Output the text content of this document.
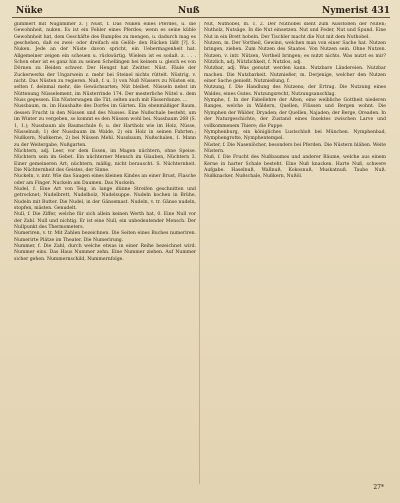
Nüke	Nuß	Nymerist 431

glimmert mit Nüglimmer z. | Nüst, f. Das Nüken eines Pferdes, u. die Gewohnheit, nuken. Es ist ein Fehler eines Pferdes; wenn es seine kühle Gewohnheit hat, dem Geschäfte des Rumpfes zu mengen, u. dadurch mag es geschehen, daß es zwei- oder dreifach ein Gelöb- den Rücken läßt [?]. S. Nuken. Jede an der Nüste davon spricht, ein Uebermagenheit hat. Allgemeiner zeigen ein scheuen u. rückwärtig. Wielein ist es sodaß. z. . . . Schon eher ist es ganz hin zu seinen Schellingen bei keinem u. gleich es von Dörnen zu Beiden schwer. Der Hengst hat Zwitter. Nüst. Fäule der Zuckerwerks der Ungarwein z. mehr bei Steinel nichts rüttelt. Nüstrig, v. nicht. Das Nüsten zu regieren. Nuß, f. u. 1) von Nuß Nüssers zu Nüsten ein, selten f. deinmal mehr, die Gewächsarten; Nüt bleibet. Nüsseln nebst im Nüttenung Nüsselement, im Nüsterrinde 174. Der mesterliche Nütel u. dem Nuss gegessen. Ein Nüsterwagen die Tüt, selten auch mit Fässerdunze. ...

Nussbaum, m. im Haushalte des Dorfes im Gärten. Ein ebenmäßiger Baum, dessen Frucht in den Nüssen und des Nusses. Eine Nußschale besteht, um im Winter zu vergeben, so kommt es den Nüssen wohl bei. Nussbaum 268 (S. 1, 1.); Nussbaum als Baumschule 6; u. der Hartholz wie im Holz, Nüsse, Nüsselnuß; 1) der Nussbaum im Walde, 2) ein Holz in seinen Fahrten.; Nußkern, Nußkerne, 2) bei Nüssen Mehl. Nussbaum, Nußschalen, 1. Mann zu der Weitergabe, Nußgarten.

Nüchtern, adj. Leer, vor dem Essen, im Magen nüchtern, ohne Speise. Nüchtern sein im Gebet. Ein nüchterner Mensch im Glauben, Nüchtern 3. Einer gemeineren Art; nüchtern, mäßig, nicht berauscht. S. Nüchternheit. Die Nüchternheit des Geistes, der Sinne.

Nuckeln, v. intr. Wie das Saugen eines kleinen Kindes an einer Brust, Flasche oder am Finger. Nuckeln am Daumen. Das Nuckeln.

Nudel, f. Eine Art von Teig, in lange dünne Streifen geschnitten und getrocknet; Nudelbrett, Nudelholz, Nudelsuppe. Nudeln kochen in Brühe, Nudeln mit Butter. Die Nudel, in der Gänsemast. Nudeln, v. tr. Gänse nudeln, stopfen, mästen. Genudelt.

Null, f. Die Ziffer, welche für sich allein keinen Werth hat, 0. Eine Null vor der Zahl. Null und nichtig. Er ist eine Null, ein unbedeutender Mensch. Der Nullpunkt des Thermometers.

Numeriren, v. tr. Mit Zahlen bezeichnen. Die Seiten eines Buches numeriren. Numerirte Plätze im Theater. Die Numerirung.

Nummer, f. Die Zahl, durch welche etwas in einer Reihe bezeichnet wird. Nummer eins. Das Haus Nummer zehn. Eine Nummer ziehen. Auf Nummer sicher gehen. Nummernschild, Nummernfolge.

Nut, Nuthobel, m. 1. 2. Der Nuthobel dient zum Ausstoßen der Nuten; Nutholz, Nutsäge. In die Nut einsetzen. Nut und Feder, Nut und Spund. Eine Nut in ein Brett hobeln. Der Tischler macht die Nut mit dem Nuthobel.

Nutzen, m. Der Vortheil, Gewinn, welchen man von einer Sache hat. Nutzen bringen, ziehen. Zum Nutzen des Staates. Von Nutzen sein. Ohne Nutzen. Nutzen, v. intr. Nützen, Vortheil bringen; es nutzt nichts. Was nutzt es mir? Nützlich, adj. Nützlichkeit, f. Nutzlos, adj.

Nutzbar, adj. Was genutzt werden kann. Nutzbare Ländereien. Nutzbar machen. Die Nutzbarkeit. Nutznießer, m. Derjenige, welcher den Nutzen einer Sache genießt. Nutznießung, f.

Nutzung, f. Die Handlung des Nutzens; der Ertrag. Die Nutzung eines Waldes, eines Gutes. Nutzungsrecht, Nutzungsanschlag.

Nymphe, f. In der Fabellehre der Alten, eine weibliche Gottheit niederen Ranges, welche in Wäldern, Quellen, Flüssen und Bergen wohnt. Die Nymphen der Wälder, Dryaden; der Quellen, Najaden; der Berge, Oreaden. In der Naturgeschichte, der Zustand eines Insektes zwischen Larve und vollkommenem Thiere; die Puppe.

Nymphenburg, ein königliches Lustschloß bei München. Nymphenbad, Nymphengrotte, Nymphentempel.

Nüster, f. Die Nasenlöcher, besonders bei Pferden. Die Nüstern blähen. Weite Nüstern.

Nuß, f. Die Frucht des Nußbaumes und anderer Bäume, welche aus einem Kerne in harter Schale besteht. Eine Nuß knacken. Harte Nuß, schwere Aufgabe. Haselnuß, Wallnuß, Kokosnuß, Muskatnuß. Taube Nuß. Nußknacker, Nußschale, Nußkern, Nußöl.

27*
